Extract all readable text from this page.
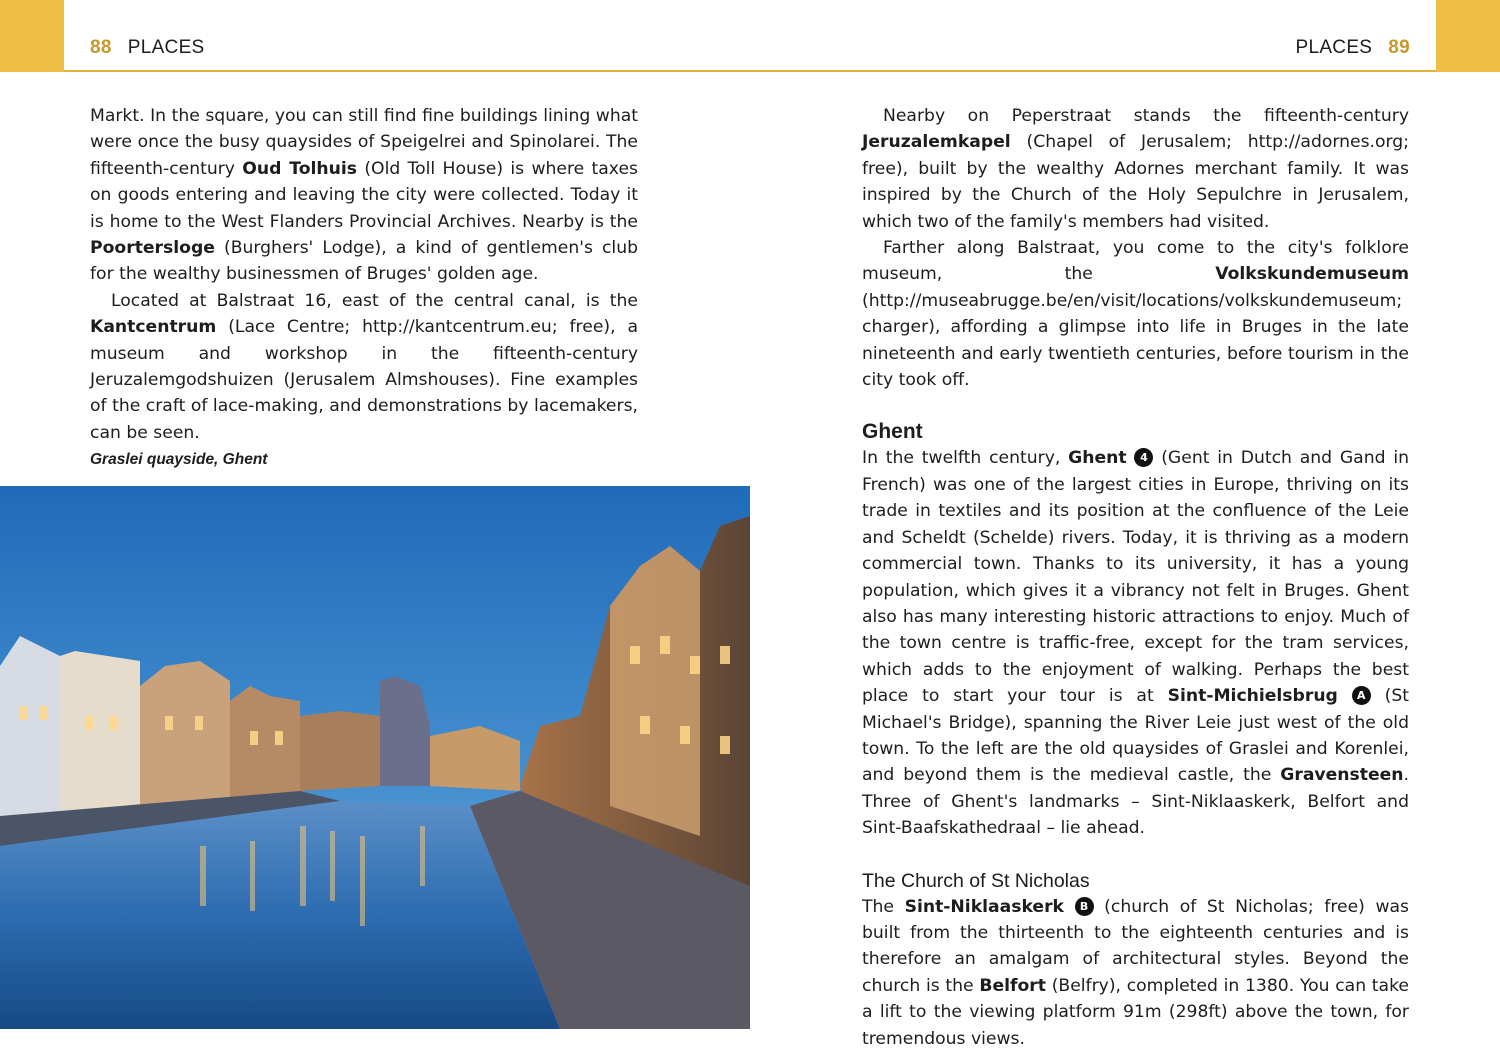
88 PLACES	PLACES 89

Markt. In the square, you can still find fine buildings lining what were once the busy quaysides of Speigelrei and Spinolarei. The fifteenth-century Oud Tolhuis (Old Toll House) is where taxes on goods entering and leaving the city were collected. Today it is home to the West Flanders Provincial Archives. Nearby is the Poortersloge (Burghers' Lodge), a kind of gentlemen's club for the wealthy businessmen of Bruges' golden age.

Located at Balstraat 16, east of the central canal, is the Kantcentrum (Lace Centre; http://kantcentrum.eu; free), a museum and workshop in the fifteenth-century Jeruzalemgodshuizen (Jerusalem Almshouses). Fine examples of the craft of lace-making, and demonstrations by lacemakers, can be seen.

Graslei quayside, Ghent

Nearby on Peperstraat stands the fifteenth-century Jeruzalemkapel (Chapel of Jerusalem; http://adornes.org; free), built by the wealthy Adornes merchant family. It was inspired by the Church of the Holy Sepulchre in Jerusalem, which two of the family's members had visited.

Farther along Balstraat, you come to the city's folklore museum, the Volkskundemuseum (http://museabrugge.be/en/visit/locations/volkskundemuseum; charger), affording a glimpse into life in Bruges in the late nineteenth and early twentieth centuries, before tourism in the city took off.

Ghent

In the twelfth century, Ghent 4 (Gent in Dutch and Gand in French) was one of the largest cities in Europe, thriving on its trade in textiles and its position at the confluence of the Leie and Scheldt (Schelde) rivers. Today, it is thriving as a modern commercial town. Thanks to its university, it has a young population, which gives it a vibrancy not felt in Bruges. Ghent also has many interesting historic attractions to enjoy. Much of the town centre is traffic-free, except for the tram services, which adds to the enjoyment of walking. Perhaps the best place to start your tour is at Sint-Michielsbrug A (St Michael's Bridge), spanning the River Leie just west of the old town. To the left are the old quaysides of Graslei and Korenlei, and beyond them is the medieval castle, the Gravensteen. Three of Ghent's landmarks – Sint-Niklaaskerk, Belfort and Sint-Baafskathedraal – lie ahead.

The Church of St Nicholas

The Sint-Niklaaskerk B (church of St Nicholas; free) was built from the thirteenth to the eighteenth centuries and is therefore an amalgam of architectural styles. Beyond the church is the Belfort (Belfry), completed in 1380. You can take a lift to the viewing platform 91m (298ft) above the town, for tremendous views.
